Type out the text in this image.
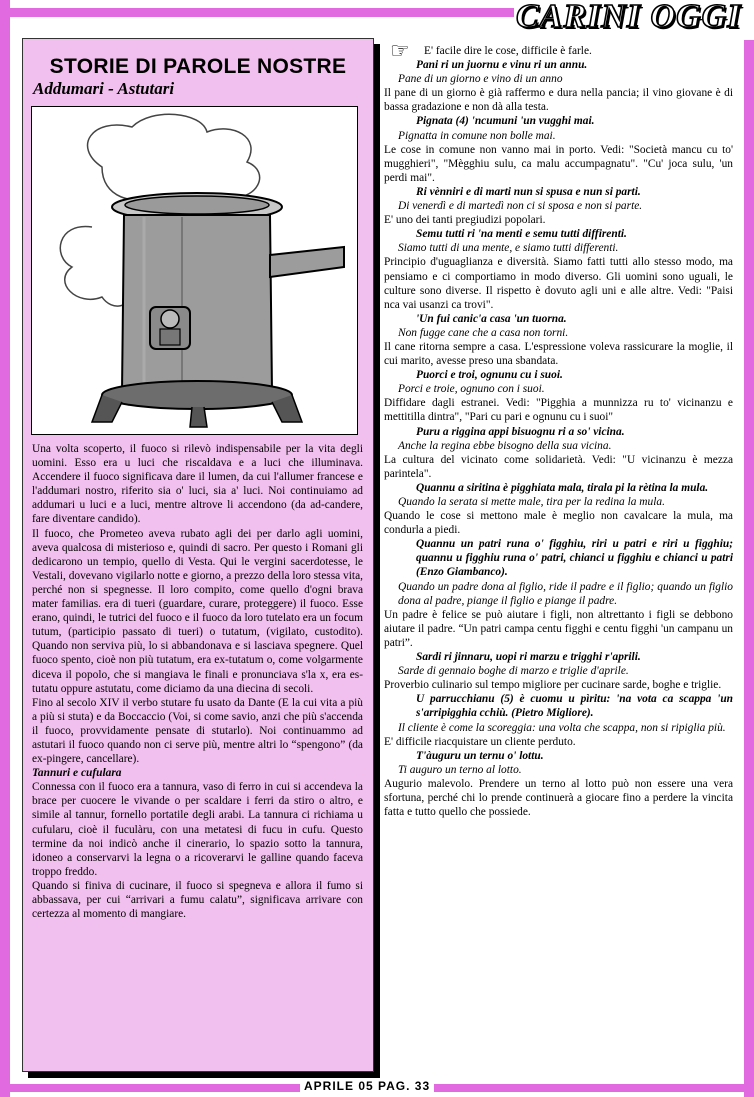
CARINI OGGI
STORIE DI PAROLE NOSTRE
Addumari - Astutari

Una volta scoperto, il fuoco si rilevò indispensabile per la vita degli uomini. Esso era u luci che riscaldava e a luci che illuminava. Accendere il fuoco significava dare il lumen, da cui l'allumer francese e l'addumari nostro, riferito sia o' luci, sia a' luci. Noi continuiamo ad addumari u luci e a luci, mentre altrove li accendono (da ad-candere, fare diventare candido).

Il fuoco, che Prometeo aveva rubato agli dei per darlo agli uomini, aveva qualcosa di misterioso e, quindi di sacro. Per questo i Romani gli dedicarono un tempio, quello di Vesta. Qui le vergini sacerdotesse, le Vestali, dovevano vigilarlo notte e giorno, a prezzo della loro stessa vita, perché non si spegnesse. Il loro compito, come quello d'ogni brava mater familias. era di tueri (guardare, curare, proteggere) il fuoco. Esse erano, quindi, le tutrici del fuoco e il fuoco da loro tutelato era un focum tutum, (participio passato di tueri) o tutatum, (vigilato, custodito). Quando non serviva più, lo si abbandonava e si lasciava spegnere. Quel fuoco spento, cioè non più tutatum, era ex-tutatum o, come volgarmente diceva il popolo, che si mangiava le finali e pronunciava s'la x, era es-tutatu oppure astutatu, come diciamo da una diecina di secoli.

Fino al secolo XIV il verbo stutare fu usato da Dante (E la cui vita a più a più si stuta) e da Boccaccio (Voi, si come savio, anzi che più s'accenda il fuoco, provvidamente pensate di stutarlo). Noi continuammo ad astutari il fuoco quando non ci serve più, mentre altri lo “spengono” (da ex-pingere, cancellare).

Tannuri e cufulara

Connessa con il fuoco era a tannura, vaso di ferro in cui si accendeva la brace per cuocere le vivande o per scaldare i ferri da stiro o altro, e simile al tannur, fornello portatile degli arabi. La tannura ci richiama u cufularu, cioè il fuculàru, con una metatesi di fucu in cufu. Questo termine da noi indicò anche il cinerario, lo spazio sotto la tannura, idoneo a conservarvi la legna o a ricoverarvi le galline quando faceva troppo freddo.

Quando si finiva di cucinare, il fuoco si spegneva e allora il fumo si abbassava, per cui “arrivari a fumu calatu”, significava arrivare con certezza al momento di mangiare.

☞	E' facile dire le cose, difficile è farle.

Pani ri un juornu e vinu ri un annu.

Pane di un giorno e vino di un anno

Il pane di un giorno è già raffermo e dura nella pancia; il vino giovane è di bassa gradazione e non dà alla testa.

Pignata (4) 'ncumuni 'un vugghi mai.

Pignatta in comune non bolle mai.

Le cose in comune non vanno mai in porto. Vedi: "Società mancu cu to' mugghieri", "Mègghiu sulu, ca malu accumpagnatu". "Cu' joca sulu, 'un perdi mai".

Ri vènniri e di marti nun si spusa e nun si parti.

Di venerdì e di martedì non ci si sposa e non si parte.

E' uno dei tanti pregiudizi popolari.

Semu tutti ri 'na menti e semu tutti diffirenti.

Siamo tutti di una mente, e siamo tutti differenti.

Principio d'uguaglianza e diversità. Siamo fatti tutti allo stesso modo, ma pensiamo e ci comportiamo in modo diverso. Gli uomini sono uguali, le culture sono diverse. Il rispetto è dovuto agli uni e alle altre. Vedi: "Paisi nca vai usanzi ca trovi".

'Un fui canic'a casa 'un tuorna.

Non fugge cane che a casa non torni.

Il cane ritorna sempre a casa. L'espressione voleva rassicurare la moglie, il cui marito, avesse preso una sbandata.

Puorci e troi, ognunu cu i suoi.

Porci e troie, ognuno con i suoi.

Diffidare dagli estranei. Vedi: "Pigghia a munnizza ru to' vicinanzu e mettitilla dintra", "Pari cu pari e ognunu cu i suoi"

Puru a riggina appi bisuognu ri a so' vicina.

Anche la regina ebbe bisogno della sua vicina.

La cultura del vicinato come solidarietà. Vedi: "U vicinanzu è mezza parintela".

Quannu a siritina è pigghiata mala, tirala pi la rètina la mula.

Quando la serata si mette male, tira per la redina la mula.

Quando le cose si mettono male è meglio non cavalcare la mula, ma condurla a piedi.

Quannu un patri runa o' figghiu, riri u patri e riri u figghiu; quannu u figghiu runa o' patri, chianci u figghiu e chianci u patri (Enzo Giambanco).

Quando un padre dona al figlio, ride il padre e il figlio; quando un figlio dona al padre, piange il figlio e piange il padre.

Un padre è felice se può aiutare i figli, non altrettanto i figli se debbono aiutare il padre. “Un patri campa centu figghi e centu figghi 'un campanu un patri”.

Sardi ri jinnaru, uopi ri marzu e trigghi r'aprili.

Sarde di gennaio boghe di marzo e triglie d'aprile.

Proverbio culinario sul tempo migliore per cucinare sarde, boghe e triglie.

U parrucchianu (5) è cuomu u pìritu: 'na vota ca scappa 'un s'arripigghia cchiù. (Pietro Migliore).

Il cliente è come la scoreggia: una volta che scappa, non si ripiglia più.

E' difficile riacquistare un cliente perduto.

T'àuguru un ternu o' lottu.

Ti auguro un terno al lotto.

Augurio malevolo. Prendere un terno al lotto può non essere una vera sfortuna, perché chi lo prende continuerà a giocare fino a perdere la vincita fatta e tutto quello che possiede.

APRILE 05 PAG. 33
